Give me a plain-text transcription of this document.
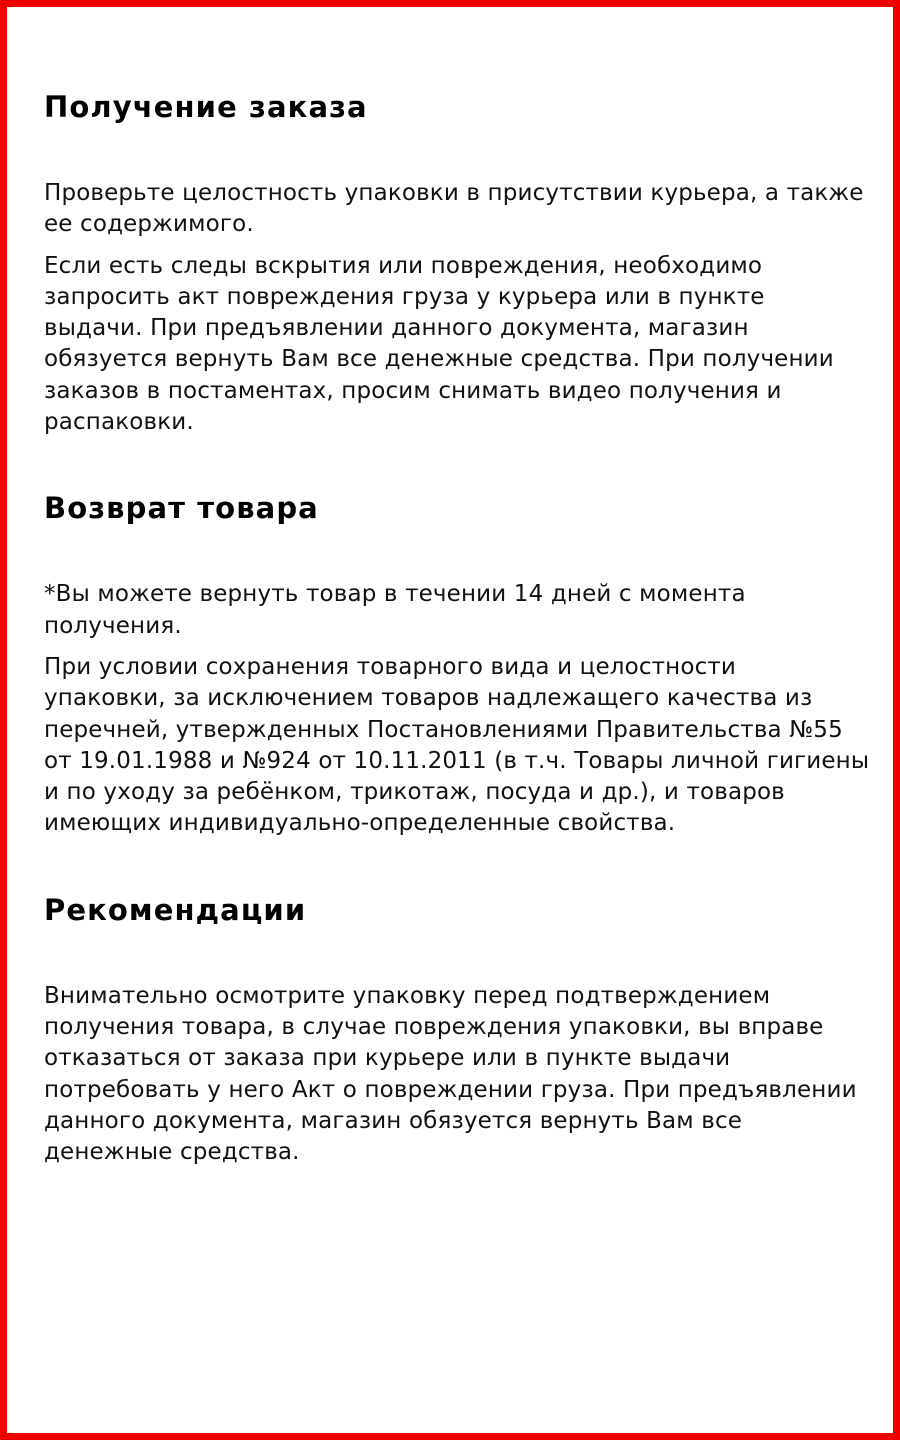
Получение заказа

Проверьте целостность упаковки в присутствии курьера, а также
ее содержимого.

Если есть следы вскрытия или повреждения, необходимо
запросить акт повреждения груза у курьера или в пункте
выдачи. При предъявлении данного документа, магазин
обязуется вернуть Вам все денежные средства. При получении
заказов в постаментах, просим снимать видео получения и
распаковки.

Возврат товара

*Вы можете вернуть товар в течении 14 дней с момента
получения.

При условии сохранения товарного вида и целостности
упаковки, за исключением товаров надлежащего качества из
перечней, утвержденных Постановлениями Правительства №55
от 19.01.1988 и №924 от 10.11.2011 (в т.ч. Товары личной гигиены
и по уходу за ребёнком, трикотаж, посуда и др.), и товаров
имеющих индивидуально-определенные свойства.

Рекомендации

Внимательно осмотрите упаковку перед подтверждением
получения товара, в случае повреждения упаковки, вы вправе
отказаться от заказа при курьере или в пункте выдачи
потребовать у него Акт о повреждении груза. При предъявлении
данного документа, магазин обязуется вернуть Вам все
денежные средства.
